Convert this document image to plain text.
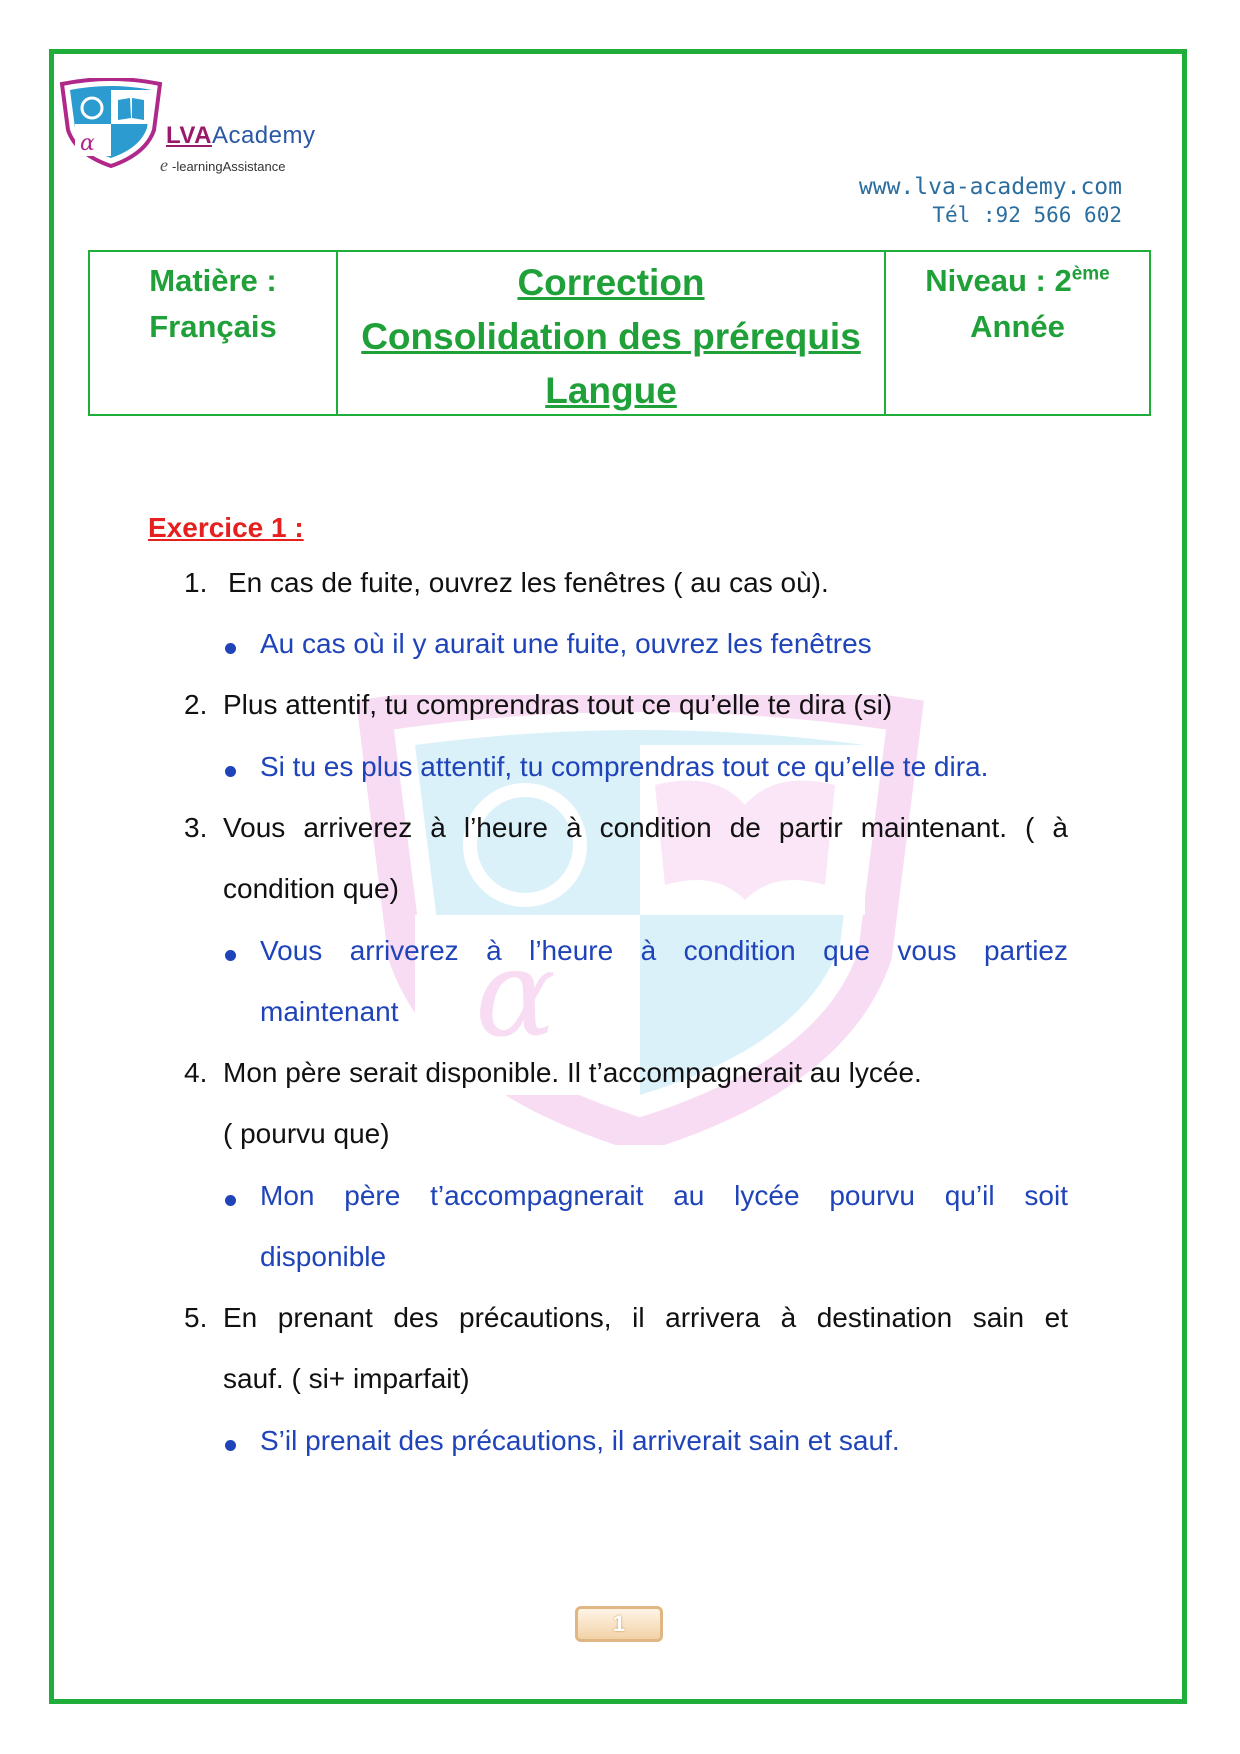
α
α	LVAAcademy
e -learningAssistance
www.lva-academy.com
Tél :92 566 602
Matière :
Français
Correction
Consolidation des prérequis
Langue
Niveau : 2ème
Année
Exercice 1 :
1. En cas de fuite, ouvrez les fenêtres ( au cas où).
Au cas où il y aurait une fuite, ouvrez les fenêtres
2. Plus attentif, tu comprendras tout ce qu’elle te dira (si)
Si tu es plus attentif, tu comprendras tout ce qu’elle te dira.
3. Vous arriverez à l’heure à condition de partir maintenant. ( à
condition que)
Vous arriverez à l’heure à condition que vous partiez
maintenant
4. Mon père serait disponible. Il t’accompagnerait au lycée.
( pourvu que)
Mon père t’accompagnerait au lycée pourvu qu’il soit
disponible
5. En prenant des précautions, il arrivera à destination sain et
sauf. ( si+ imparfait)
S’il prenait des précautions, il arriverait sain et sauf.
1
